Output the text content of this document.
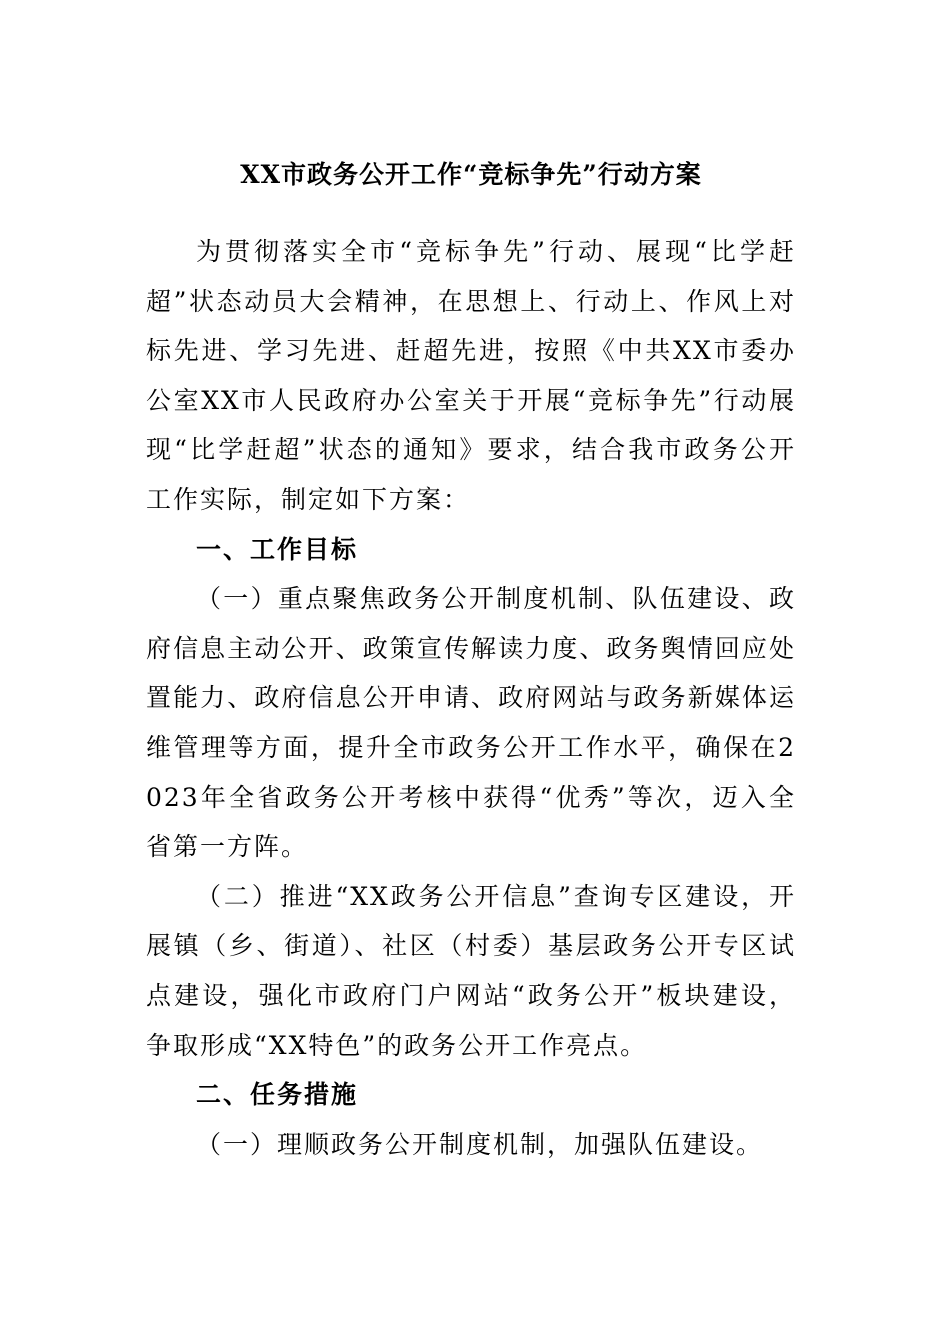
XX市政务公开工作“竞标争先”行动方案

为贯彻落实全市“竞标争先”行动、展现“比学赶超”状态动员大会精神，在思想上、行动上、作风上对标先进、学习先进、赶超先进，按照《中共XX市委办公室XX市人民政府办公室关于开展“竞标争先”行动展现“比学赶超”状态的通知》要求，结合我市政务公开工作实际，制定如下方案：

一、工作目标

（一）重点聚焦政务公开制度机制、队伍建设、政府信息主动公开、政策宣传解读力度、政务舆情回应处置能力、政府信息公开申请、政府网站与政务新媒体运维管理等方面，提升全市政务公开工作水平，确保在2023年全省政务公开考核中获得“优秀”等次，迈入全省第一方阵。

（二）推进“XX政务公开信息”查询专区建设，开展镇（乡、街道）、社区（村委）基层政务公开专区试点建设，强化市政府门户网站“政务公开”板块建设，争取形成“XX特色”的政务公开工作亮点。

二、任务措施

（一）理顺政务公开制度机制，加强队伍建设。
